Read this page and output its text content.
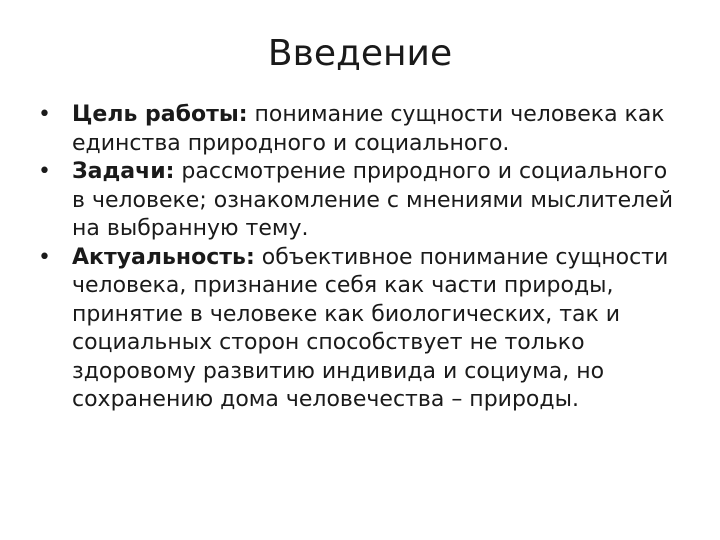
Введение
• Цель работы: понимание сущности человека как единства природного и социального.
• Задачи: рассмотрение природного и социального в человеке; ознакомление с мнениями мыслителей на выбранную тему.
• Актуальность: объективное понимание сущности человека, признание себя как части природы, принятие в человеке как биологических, так и социальных сторон способствует не только здоровому развитию индивида и социума, но сохранению дома человечества – природы.
